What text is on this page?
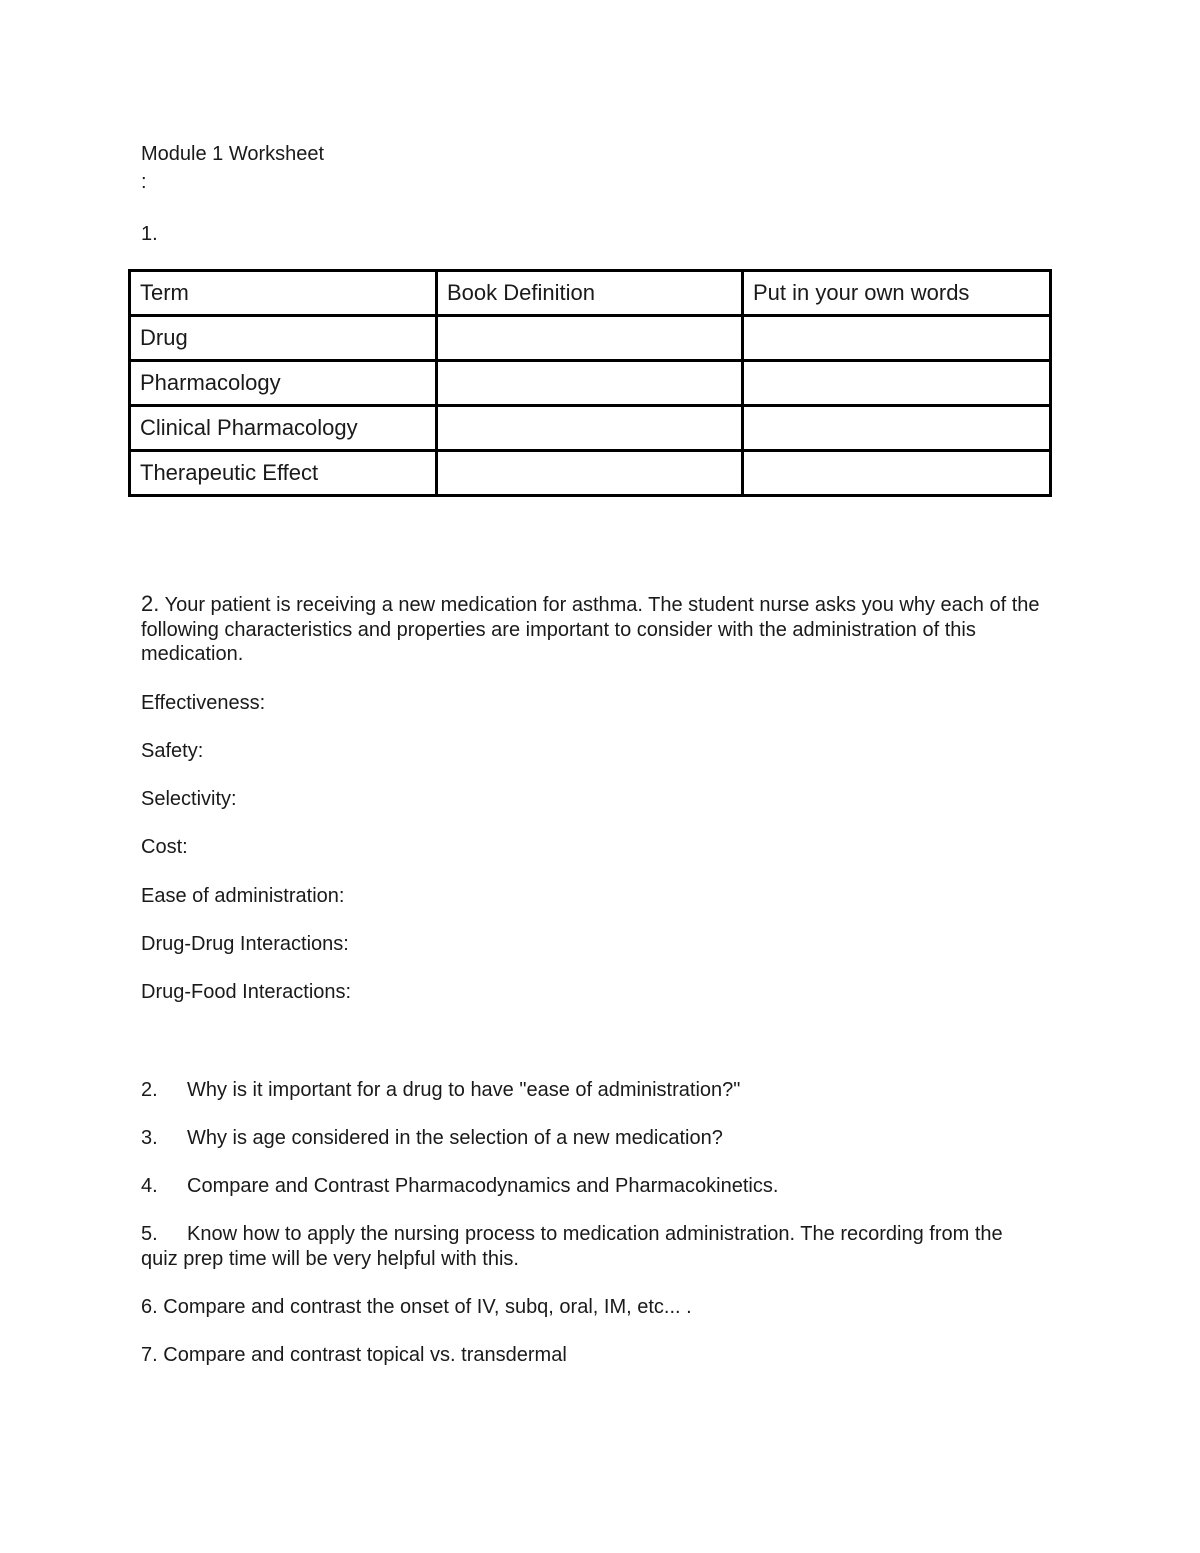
Module 1 Worksheet
:
1.
Term	Book Definition	Put in your own words
Drug		
Pharmacology		
Clinical Pharmacology		
Therapeutic Effect		
2. Your patient is receiving a new medication for asthma. The student nurse asks you why each of the following characteristics and properties are important to consider with the administration of this medication.
Effectiveness:
Safety:
Selectivity:
Cost:
Ease of administration:
Drug-Drug Interactions:
Drug-Food Interactions:
2. Why is it important for a drug to have "ease of administration?"
3. Why is age considered in the selection of a new medication?
4. Compare and Contrast Pharmacodynamics and Pharmacokinetics.
5. Know how to apply the nursing process to medication administration. The recording from the quiz prep time will be very helpful with this.
6. Compare and contrast the onset of IV, subq, oral, IM, etc... .
7. Compare and contrast topical vs. transdermal
